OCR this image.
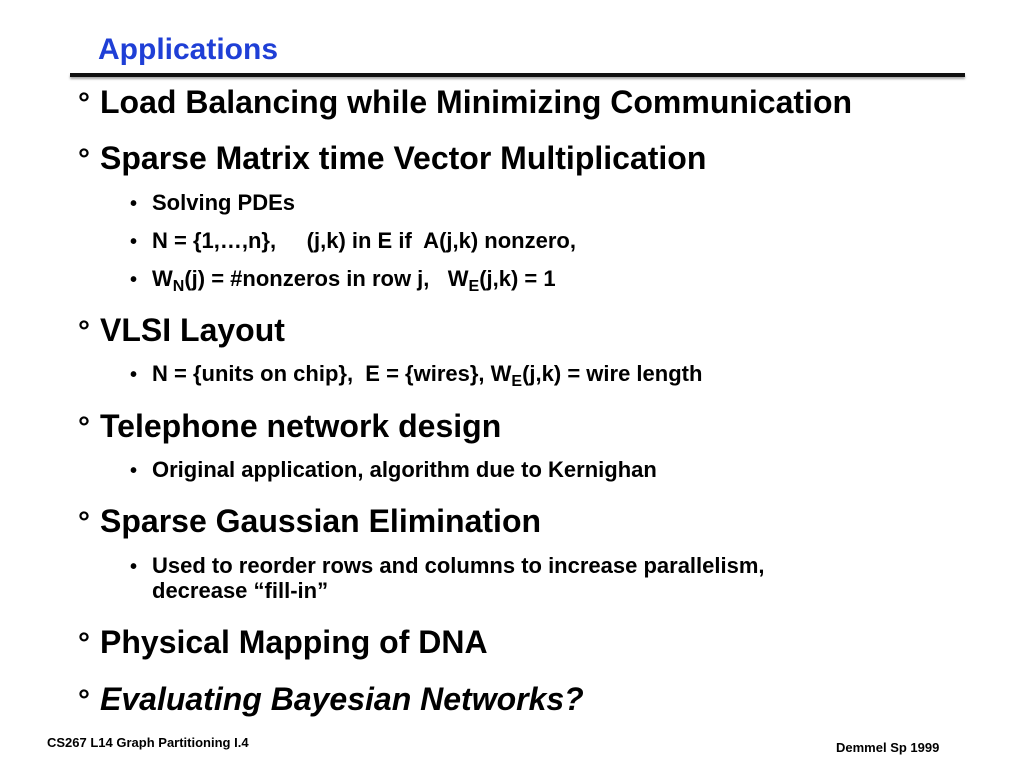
Applications
° Load Balancing while Minimizing Communication
° Sparse Matrix time Vector Multiplication
• Solving PDEs
• N = {1,…,n},     (j,k) in E if  A(j,k) nonzero,
• $W_N(j)$ = #nonzeros in row j,   $W_E(j,k) = 1$
° VLSI Layout
• N = {units on chip},  E = {wires}, $W_E(j,k)$ = wire length
° Telephone network design
• Original application, algorithm due to Kernighan
° Sparse Gaussian Elimination
• Used to reorder rows and columns to increase parallelism,
decrease “fill-in”
° Physical Mapping of DNA
° Evaluating Bayesian Networks?
CS267 L14 Graph Partitioning I.4	Demmel Sp 1999
